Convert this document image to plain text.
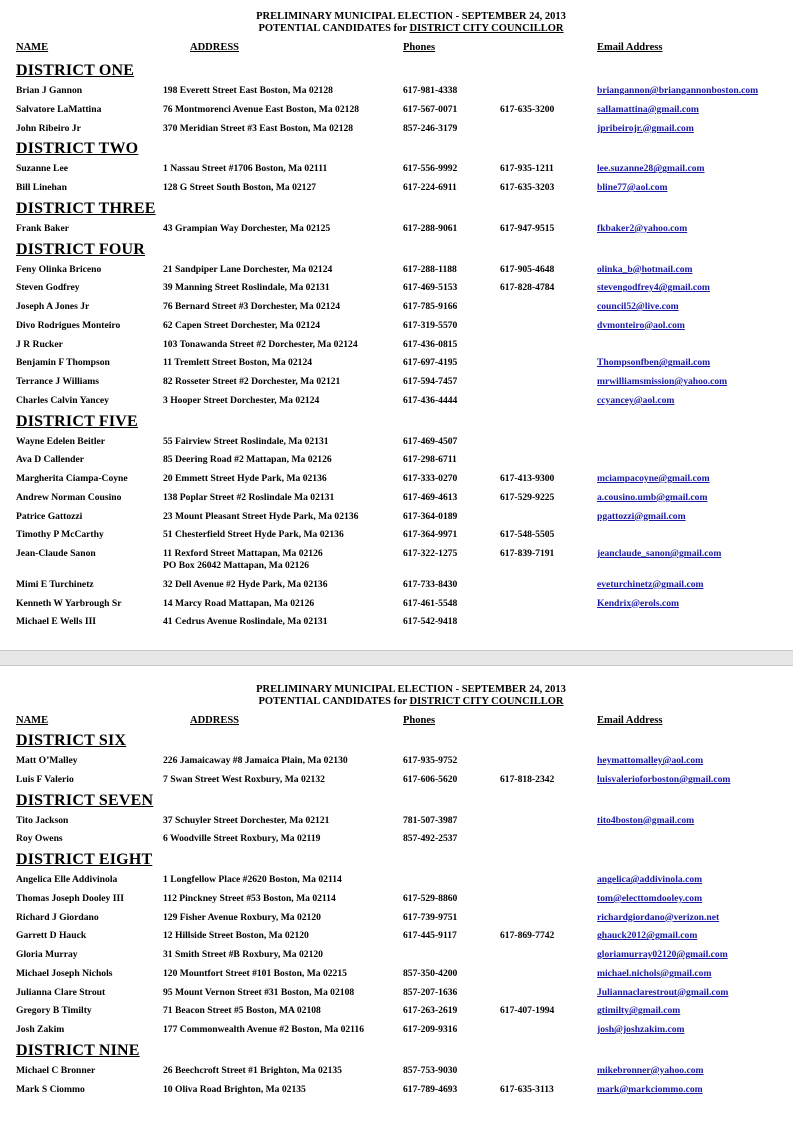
PRELIMINARY MUNICIPAL ELECTION - SEPTEMBER 24, 2013
POTENTIAL CANDIDATES for DISTRICT CITY COUNCILLOR
NAME	ADDRESS	Phones	Email Address
DISTRICT ONE
Brian J Gannon	198 Everett Street East Boston, Ma 02128	617-981-4338	briangannon@briangannonboston.com
Salvatore LaMattina	76 Montmorenci Avenue East Boston, Ma 02128	617-567-0071	617-635-3200	sallamattina@gmail.com
John Ribeiro Jr	370 Meridian Street #3 East Boston, Ma 02128	857-246-3179	jpribeirojr.@gmail.com
DISTRICT TWO
Suzanne Lee	1 Nassau Street #1706 Boston, Ma 02111	617-556-9992	617-935-1211	lee.suzanne28@gmail.com
Bill Linehan	128 G Street South Boston, Ma 02127	617-224-6911	617-635-3203	bline77@aol.com
DISTRICT THREE
Frank Baker	43 Grampian Way Dorchester, Ma 02125	617-288-9061	617-947-9515	fkbaker2@yahoo.com
DISTRICT FOUR
Feny Olinka Briceno	21 Sandpiper Lane Dorchester, Ma 02124	617-288-1188	617-905-4648	olinka_b@hotmail.com
Steven Godfrey	39 Manning Street Roslindale, Ma 02131	617-469-5153	617-828-4784	stevengodfrey4@gmail.com
Joseph A Jones Jr	76 Bernard Street #3 Dorchester, Ma 02124	617-785-9166	council52@live.com
Divo Rodrigues Monteiro	62 Capen Street Dorchester, Ma 02124	617-319-5570	dvmonteiro@aol.com
J R Rucker	103 Tonawanda Street #2 Dorchester, Ma 02124	617-436-0815
Benjamin F Thompson	11 Tremlett Street Boston, Ma 02124	617-697-4195	Thompsonfben@gmail.com
Terrance J Williams	82 Rosseter Street #2 Dorchester, Ma 02121	617-594-7457	mrwilliamsmission@yahoo.com
Charles Calvin Yancey	3 Hooper Street Dorchester, Ma 02124	617-436-4444	ccyancey@aol.com
DISTRICT FIVE
Wayne Edelen Beitler	55 Fairview Street Roslindale, Ma 02131	617-469-4507
Ava D Callender	85 Deering Road #2 Mattapan, Ma 02126	617-298-6711
Margherita Ciampa-Coyne	20 Emmett Street Hyde Park, Ma 02136	617-333-0270	617-413-9300	mciampacoyne@gmail.com
Andrew Norman Cousino	138 Poplar Street #2 Roslindale Ma 02131	617-469-4613	617-529-9225	a.cousino.umb@gmail.com
Patrice Gattozzi	23 Mount Pleasant Street Hyde Park, Ma 02136	617-364-0189	pgattozzi@gmail.com
Timothy P McCarthy	51 Chesterfield Street Hyde Park, Ma 02136	617-364-9971	617-548-5505
Jean-Claude Sanon	11 Rexford Street Mattapan, Ma 02126	617-322-1275	617-839-7191	jeanclaude_sanon@gmail.com
PO Box 26042 Mattapan, Ma 02126
Mimi E Turchinetz	32 Dell Avenue #2 Hyde Park, Ma 02136	617-733-8430	eveturchinetz@gmail.com
Kenneth W Yarbrough Sr	14 Marcy Road Mattapan, Ma 02126	617-461-5548	Kendrix@erols.com
Michael E Wells III	41 Cedrus Avenue Roslindale, Ma 02131	617-542-9418
PRELIMINARY MUNICIPAL ELECTION - SEPTEMBER 24, 2013
POTENTIAL CANDIDATES for DISTRICT CITY COUNCILLOR
NAME	ADDRESS	Phones	Email Address
DISTRICT SIX
Matt O’Malley	226 Jamaicaway #8 Jamaica Plain, Ma 02130	617-935-9752	heymattomalley@aol.com
Luis F Valerio	7 Swan Street West Roxbury, Ma 02132	617-606-5620	617-818-2342	luisvalerioforboston@gmail.com
DISTRICT SEVEN
Tito Jackson	37 Schuyler Street Dorchester, Ma 02121	781-507-3987	tito4boston@gmail.com
Roy Owens	6 Woodville Street Roxbury, Ma 02119	857-492-2537
DISTRICT EIGHT
Angelica Elle Addivinola	1 Longfellow Place #2620 Boston, Ma 02114	angelica@addivinola.com
Thomas Joseph Dooley III	112 Pinckney Street #53 Boston, Ma 02114	617-529-8860	tom@electtomdooley.com
Richard J Giordano	129 Fisher Avenue Roxbury, Ma 02120	617-739-9751	richardgiordano@verizon.net
Garrett D Hauck	12 Hillside Street Boston, Ma 02120	617-445-9117	617-869-7742	ghauck2012@gmail.com
Gloria Murray	31 Smith Street #B Roxbury, Ma 02120	gloriamurray02120@gmail.com
Michael Joseph Nichols	120 Mountfort Street #101 Boston, Ma 02215	857-350-4200	michael.nichols@gmail.com
Julianna Clare Strout	95 Mount Vernon Street #31 Boston, Ma 02108	857-207-1636	Juliannaclarestrout@gmail.com
Gregory B Timilty	71 Beacon Street #5 Boston, MA 02108	617-263-2619	617-407-1994	gtimilty@gmail.com
Josh Zakim	177 Commonwealth Avenue #2 Boston, Ma 02116	617-209-9316	josh@joshzakim.com
DISTRICT NINE
Michael C Bronner	26 Beechcroft Street #1 Brighton, Ma 02135	857-753-9030	mikebronner@yahoo.com
Mark S Ciommo	10 Oliva Road Brighton, Ma 02135	617-789-4693	617-635-3113	mark@markciommo.com
